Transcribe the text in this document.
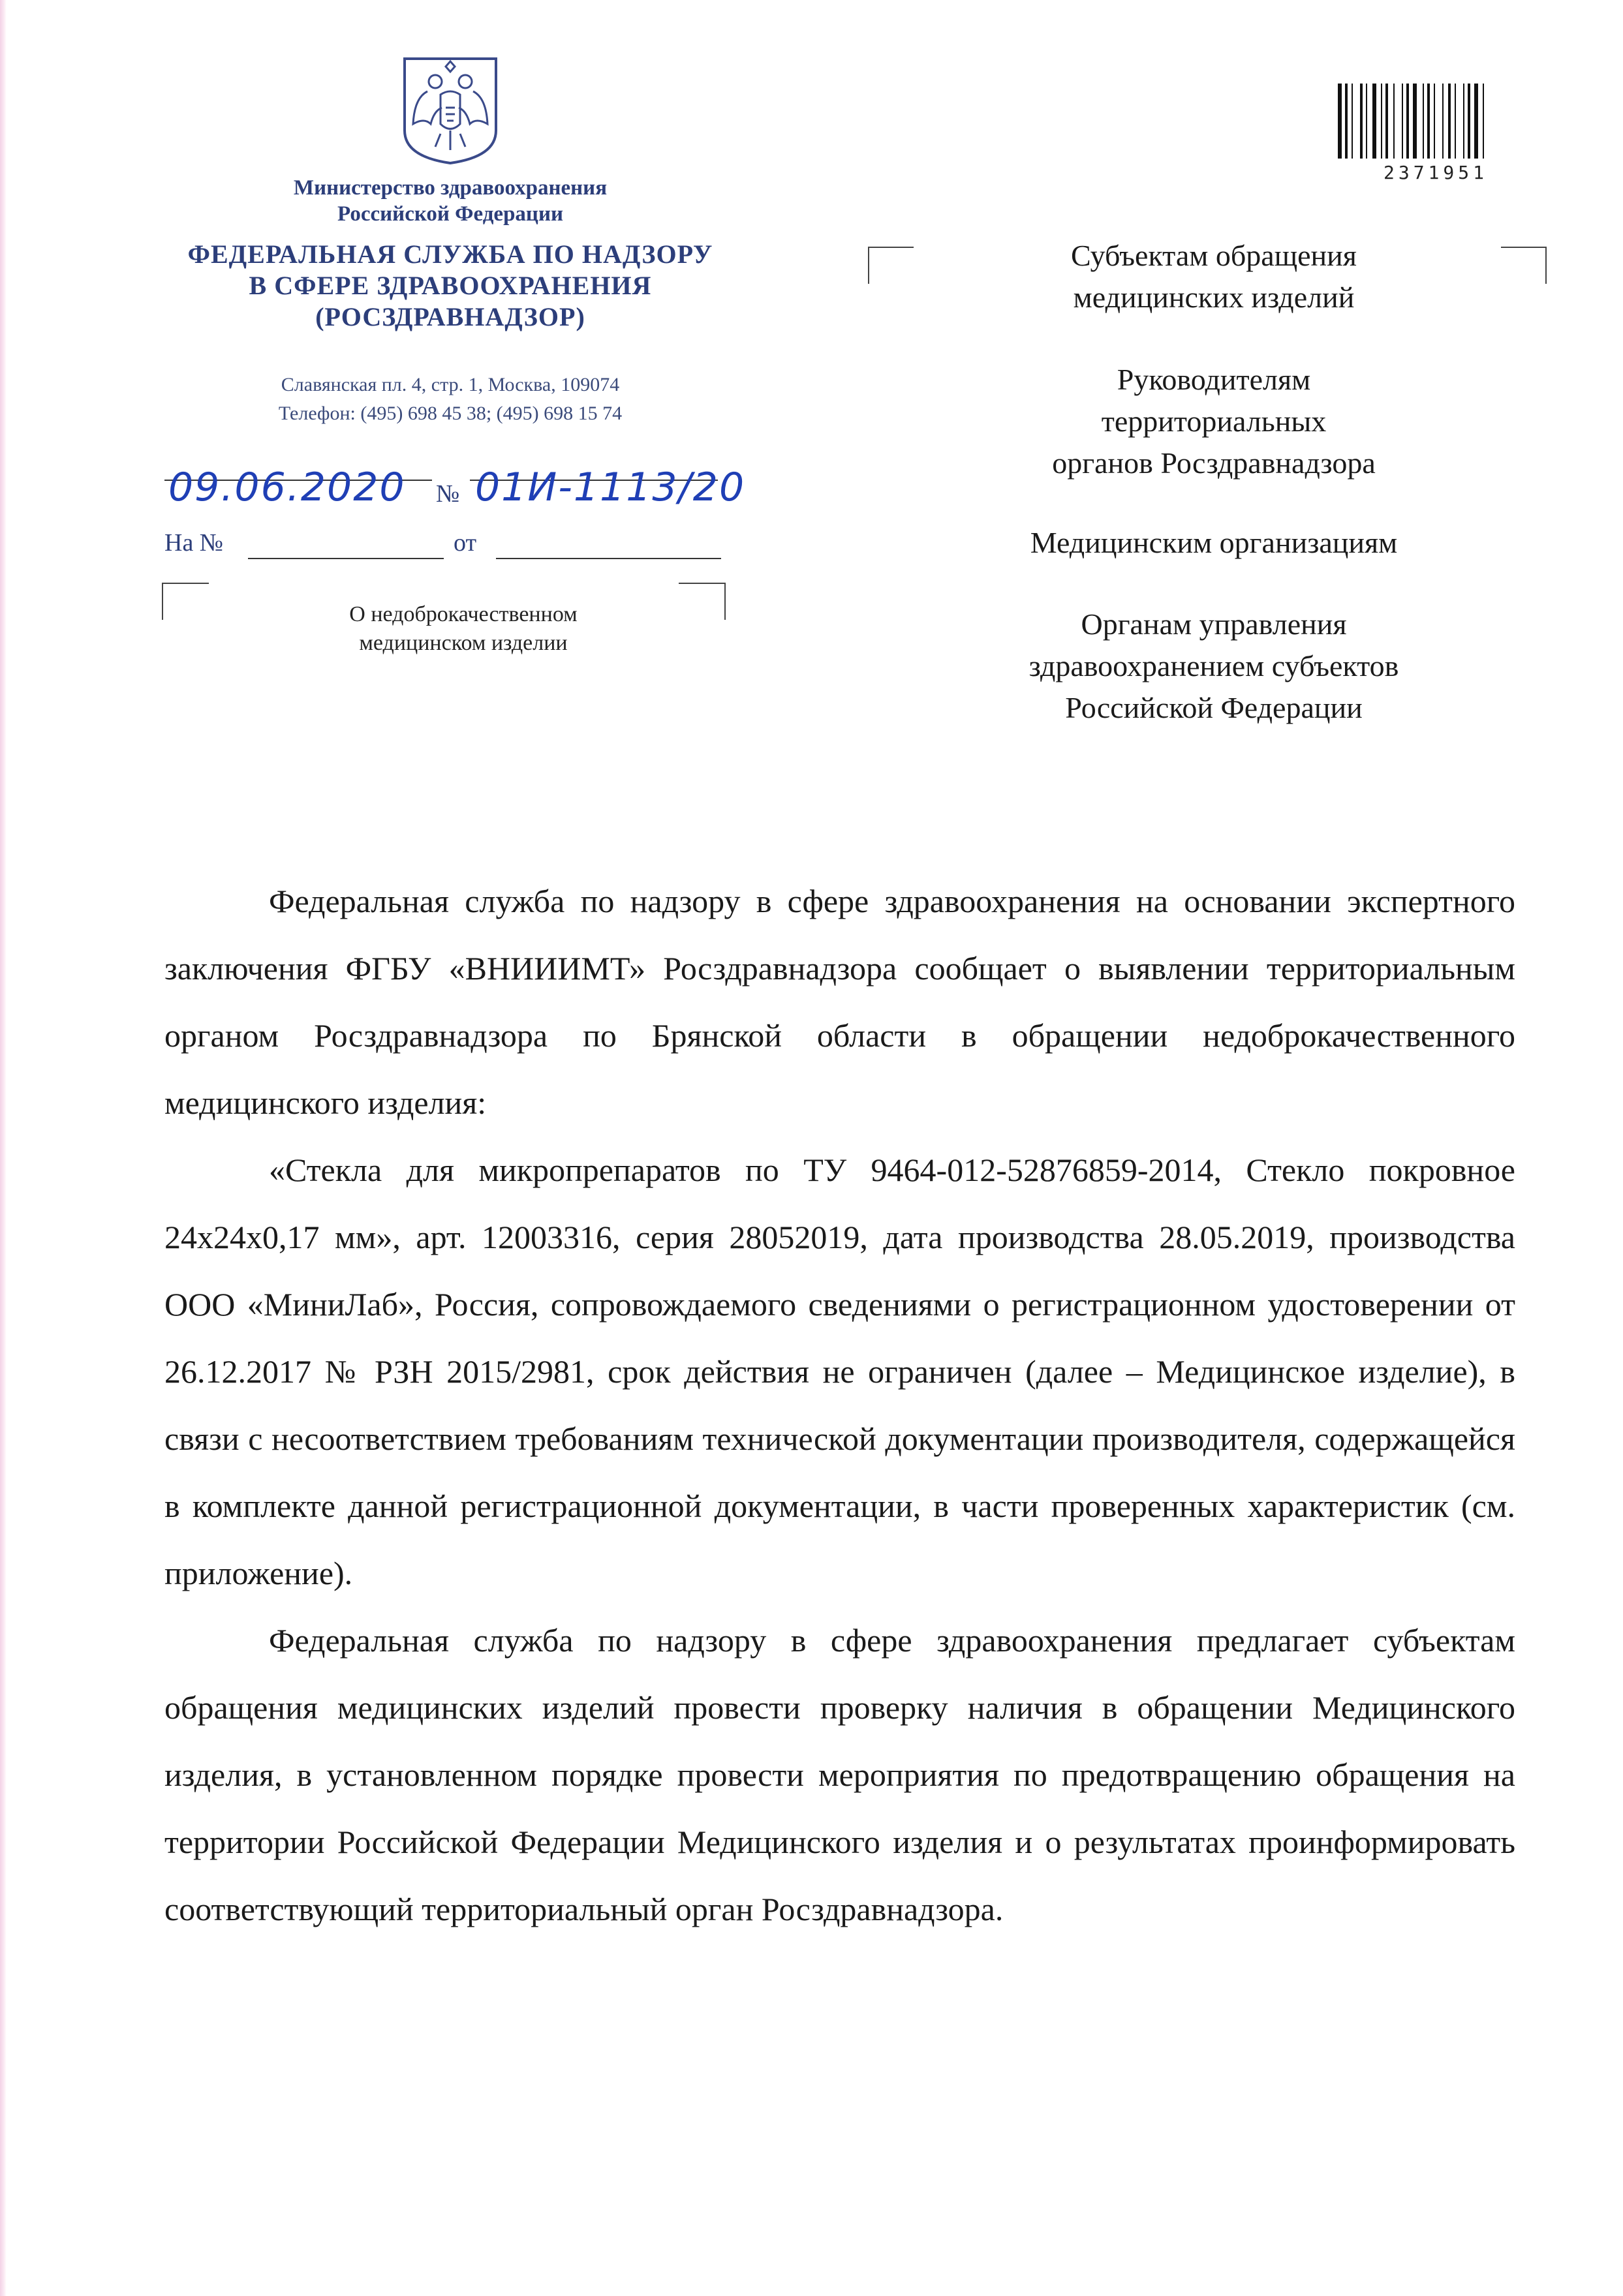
Министерство здравоохранения
Российской Федерации
ФЕДЕРАЛЬНАЯ СЛУЖБА ПО НАДЗОРУ
В СФЕРЕ ЗДРАВООХРАНЕНИЯ
(РОСЗДРАВНАДЗОР)
Славянская пл. 4, стр. 1, Москва, 109074
Телефон: (495) 698 45 38; (495) 698 15 74
09.06.2020 № 01И-1113/20
На №	от
О недоброкачественном
медицинском изделии
2371951
Субъектам обращения
медицинских изделий
Руководителям
территориальных
органов Росздравнадзора
Медицинским организациям
Органам управления
здравоохранением субъектов
Российской Федерации

Федеральная служба по надзору в сфере здравоохранения на основании экспертного заключения ФГБУ «ВНИИИМТ» Росздравнадзора сообщает о выявлении территориальным органом Росздравнадзора по Брянской области в обращении недоброкачественного медицинского изделия:

«Стекла для микропрепаратов по ТУ 9464-012-52876859-2014, Стекло покровное 24х24х0,17 мм», арт. 12003316, серия 28052019, дата производства 28.05.2019, производства ООО «МиниЛаб», Россия, сопровождаемого сведениями о регистрационном удостоверении от 26.12.2017 № РЗН 2015/2981, срок действия не ограничен (далее – Медицинское изделие), в связи с несоответствием требованиям технической документации производителя, содержащейся в комплекте данной регистрационной документации, в части проверенных характеристик (см. приложение).

Федеральная служба по надзору в сфере здравоохранения предлагает субъектам обращения медицинских изделий провести проверку наличия в обращении Медицинского изделия, в установленном порядке провести мероприятия по предотвращению обращения на территории Российской Федерации Медицинского изделия и о результатах проинформировать соответствующий территориальный орган Росздравнадзора.
